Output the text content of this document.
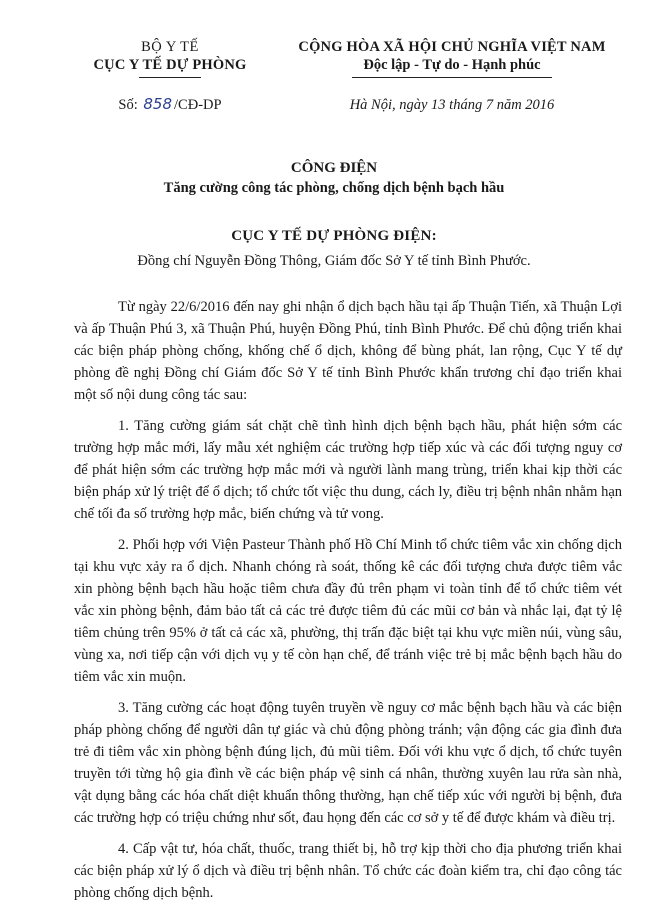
BỘ Y TẾ
CỤC Y TẾ DỰ PHÒNG
Số: 858 /CĐ-DP
CỘNG HÒA XÃ HỘI CHỦ NGHĨA VIỆT NAM
Độc lập - Tự do - Hạnh phúc
Hà Nội, ngày 13 tháng 7 năm 2016
CÔNG ĐIỆN
Tăng cường công tác phòng, chống dịch bệnh bạch hầu
CỤC Y TẾ DỰ PHÒNG ĐIỆN:
Đồng chí Nguyễn Đồng Thông, Giám đốc Sở Y tế tỉnh Bình Phước.

Từ ngày 22/6/2016 đến nay ghi nhận ổ dịch bạch hầu tại ấp Thuận Tiến, xã Thuận Lợi và ấp Thuận Phú 3, xã Thuận Phú, huyện Đồng Phú, tỉnh Bình Phước. Để chủ động triển khai các biện pháp phòng chống, khống chế ổ dịch, không để bùng phát, lan rộng, Cục Y tế dự phòng đề nghị Đồng chí Giám đốc Sở Y tế tỉnh Bình Phước khẩn trương chỉ đạo triển khai một số nội dung công tác sau:

1. Tăng cường giám sát chặt chẽ tình hình dịch bệnh bạch hầu, phát hiện sớm các trường hợp mắc mới, lấy mẫu xét nghiệm các trường hợp tiếp xúc và các đối tượng nguy cơ để phát hiện sớm các trường hợp mắc mới và người lành mang trùng, triển khai kịp thời các biện pháp xử lý triệt để ổ dịch; tổ chức tốt việc thu dung, cách ly, điều trị bệnh nhân nhằm hạn chế tối đa số trường hợp mắc, biến chứng và tử vong.

2. Phối hợp với Viện Pasteur Thành phố Hồ Chí Minh tổ chức tiêm vắc xin chống dịch tại khu vực xảy ra ổ dịch. Nhanh chóng rà soát, thống kê các đối tượng chưa được tiêm vắc xin phòng bệnh bạch hầu hoặc tiêm chưa đầy đủ trên phạm vi toàn tỉnh để tổ chức tiêm vét vắc xin phòng bệnh, đảm bảo tất cả các trẻ được tiêm đủ các mũi cơ bản và nhắc lại, đạt tỷ lệ tiêm chủng trên 95% ở tất cả các xã, phường, thị trấn đặc biệt tại khu vực miền núi, vùng sâu, vùng xa, nơi tiếp cận với dịch vụ y tế còn hạn chế, để tránh việc trẻ bị mắc bệnh bạch hầu do tiêm vắc xin muộn.

3. Tăng cường các hoạt động tuyên truyền về nguy cơ mắc bệnh bạch hầu và các biện pháp phòng chống để người dân tự giác và chủ động phòng tránh; vận động các gia đình đưa trẻ đi tiêm vắc xin phòng bệnh đúng lịch, đủ mũi tiêm. Đối với khu vực ổ dịch, tổ chức tuyên truyền tới từng hộ gia đình về các biện pháp vệ sinh cá nhân, thường xuyên lau rửa sàn nhà, vật dụng bằng các hóa chất diệt khuẩn thông thường, hạn chế tiếp xúc với người bị bệnh, đưa các trường hợp có triệu chứng như sốt, đau họng đến các cơ sở y tế để được khám và điều trị.

4. Cấp vật tư, hóa chất, thuốc, trang thiết bị, hỗ trợ kịp thời cho địa phương triển khai các biện pháp xử lý ổ dịch và điều trị bệnh nhân. Tổ chức các đoàn kiểm tra, chỉ đạo công tác phòng chống dịch bệnh.
